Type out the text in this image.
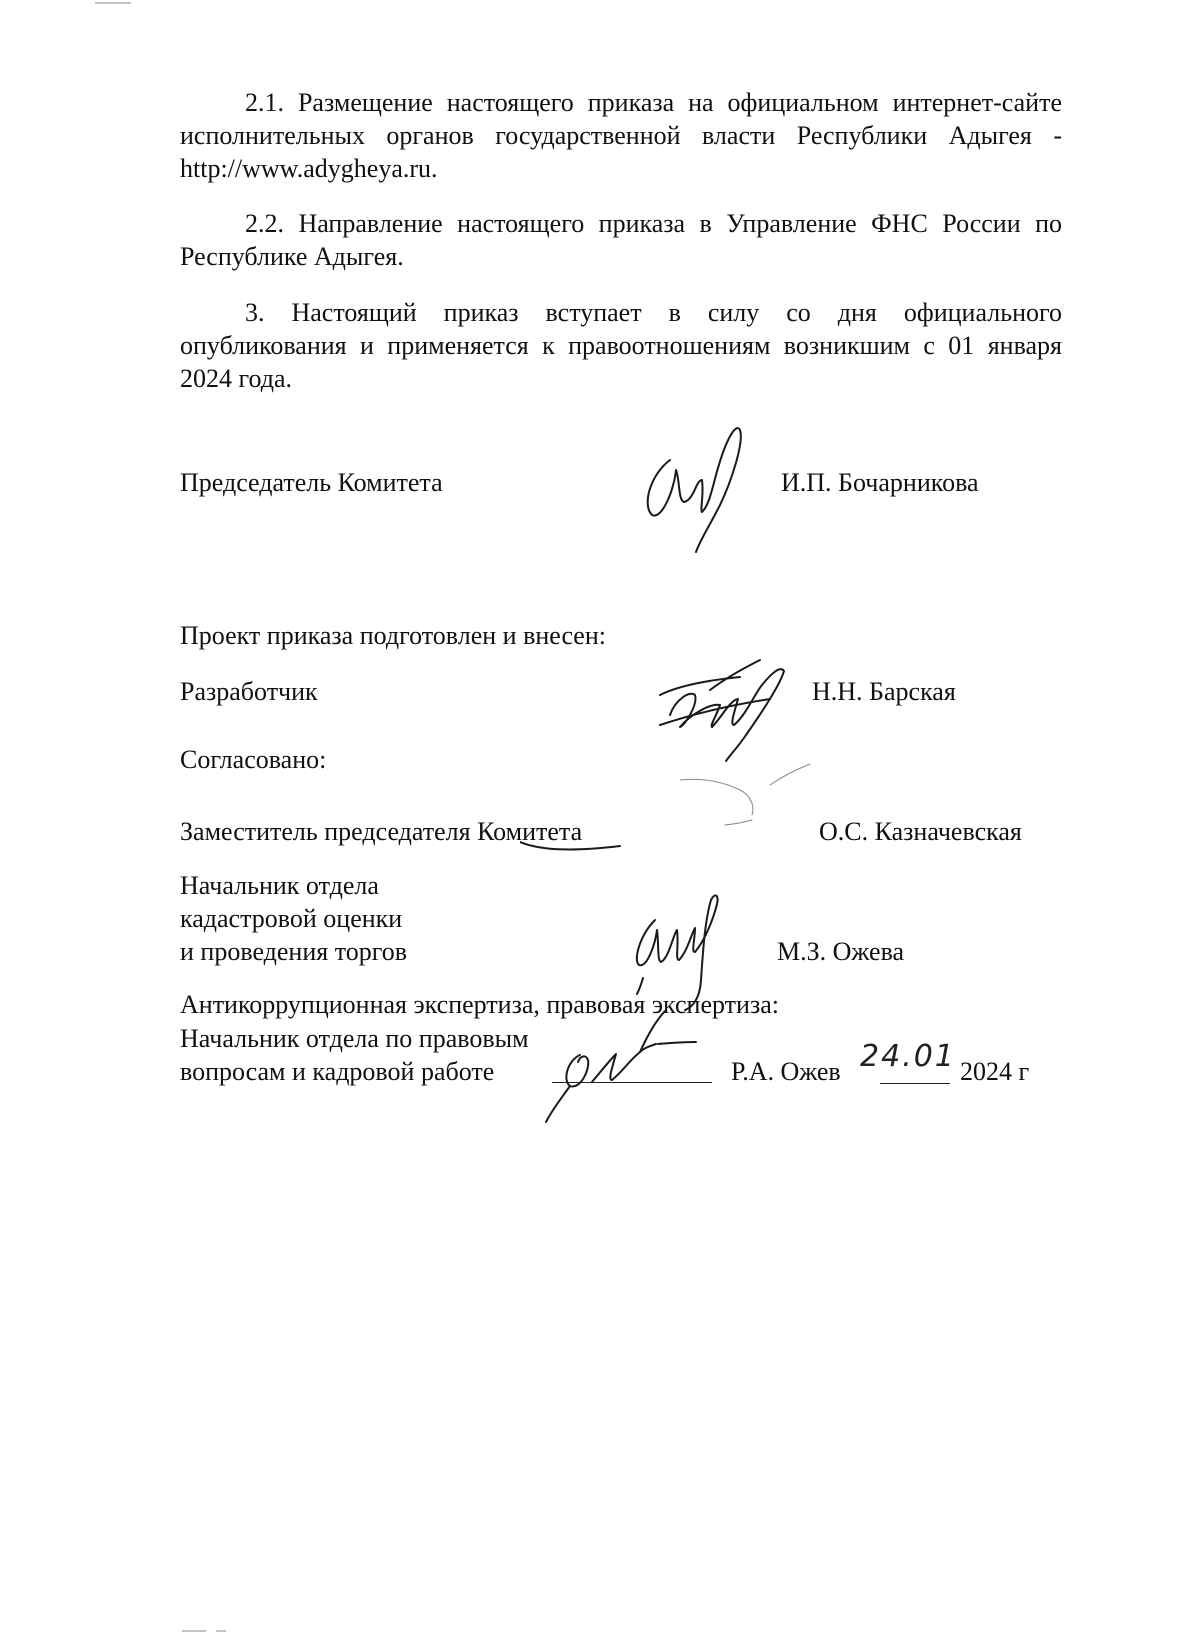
2.1. Размещение настоящего приказа на официальном интернет-сайте исполнительных органов государственной власти Республики Адыгея - http://www.adygheya.ru.
2.2. Направление настоящего приказа в Управление ФНС России по Республике Адыгея.
3. Настоящий приказ вступает в силу со дня официального опубликования и применяется к правоотношениям возникшим с 01 января 2024 года.
Председатель Комитета	И.П. Бочарникова
Проект приказа подготовлен и внесен:
Разработчик	Н.Н. Барская
Согласовано:
Заместитель председателя Комитета	О.С. Казначевская
Начальник отдела
кадастровой оценки
и проведения торгов	М.З. Ожева
Антикоррупционная экспертиза, правовая экспертиза:
Начальник отдела по правовым
вопросам и кадровой работе	Р.А. Ожев 24.01 2024 г
